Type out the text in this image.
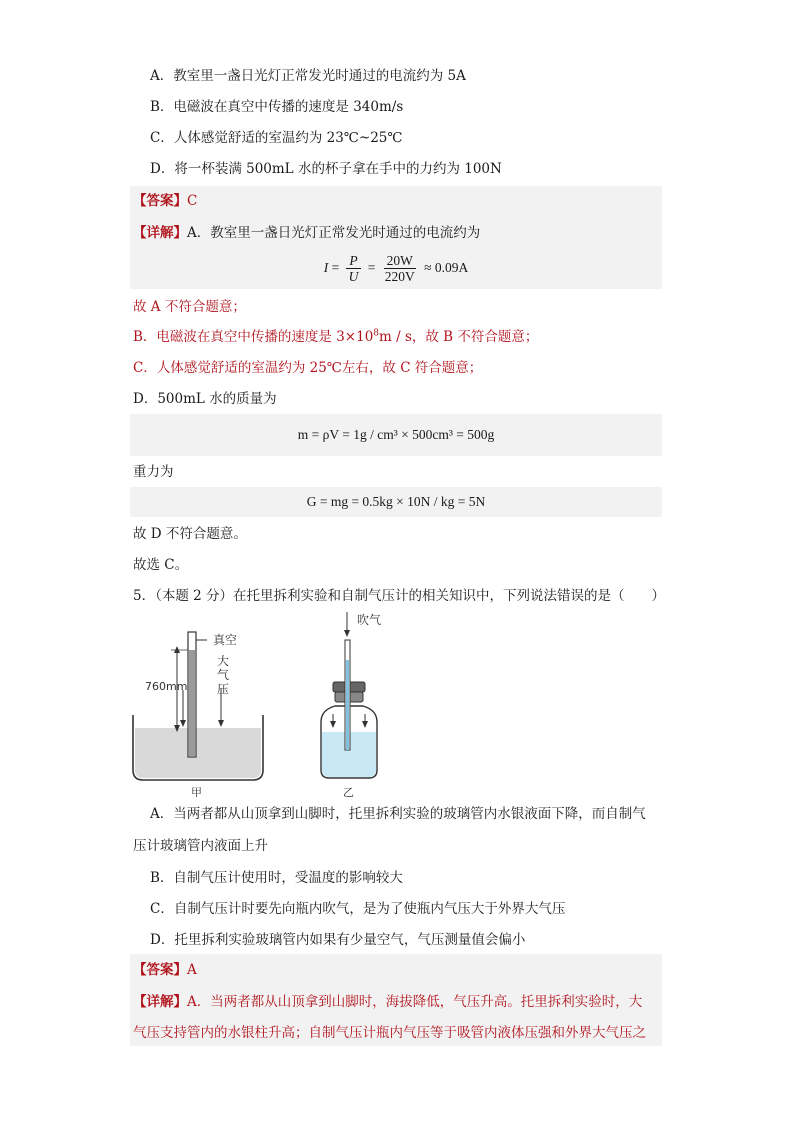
A．教室里一盏日光灯正常发光时通过的电流约为 5A
B．电磁波在真空中传播的速度是 340m/s
C．人体感觉舒适的室温约为 23℃~25℃
D．将一杯装满 500mL 水的杯子拿在手中的力约为 100N
【答案】C
【详解】A．教室里一盏日光灯正常发光时通过的电流约为
$I = \frac{P}{U} = \frac{20W}{220V} \approx 0.09A$
故 A 不符合题意；
B．电磁波在真空中传播的速度是 $3\times 10^8m / s$，故 B 不符合题意；
C．人体感觉舒适的室温约为 25℃左右，故 C 符合题意；
D．500mL 水的质量为
m = ρV = 1g / cm³ × 500cm³ = 500g
重力为
G = mg = 0.5kg × 10N / kg = 5N
故 D 不符合题意。
故选 C。
5．（本题 2 分）在托里拆利实验和自制气压计的相关知识中，下列说法错误的是（　　）
真空
760mm
大
气
压
甲
吹气
乙
A．当两者都从山顶拿到山脚时，托里拆利实验的玻璃管内水银液面下降，而自制气
压计玻璃管内液面上升
B．自制气压计使用时，受温度的影响较大
C．自制气压计时要先向瓶内吹气，是为了使瓶内气压大于外界大气压
D．托里拆利实验玻璃管内如果有少量空气，气压测量值会偏小
【答案】A
【详解】A．当两者都从山顶拿到山脚时，海拔降低，气压升高。托里拆利实验时，大
气压支持管内的水银柱升高；自制气压计瓶内气压等于吸管内液体压强和外界大气压之
